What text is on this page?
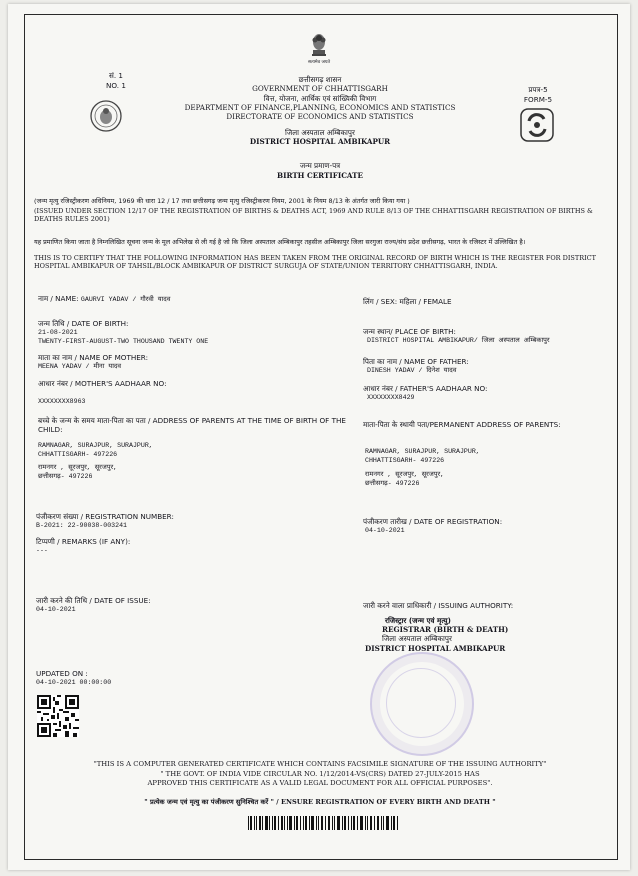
सत्यमेव जयते
सं. 1
NO. 1	प्रपत्र-5
FORM-5
छत्तीसगढ़ शासन
GOVERNMENT OF CHHATTISGARH
वित्त, योजना, आर्थिक एवं सांख्यिकी विभाग
DEPARTMENT OF FINANCE,PLANNING, ECONOMICS AND STATISTICS
DIRECTORATE OF ECONOMICS AND STATISTICS
जिला अस्पताल अम्बिकापुर
DISTRICT HOSPITAL AMBIKAPUR
जन्म प्रमाण-पत्र
BIRTH CERTIFICATE
(जन्म मृत्यु रजिस्ट्रीकरण अधिनियम, 1969 की धारा 12 / 17 तथा छत्तीसगढ़ जन्म मृत्यु रजिस्ट्रीकरण नियम, 2001 के नियम 8/13 के अंतर्गत जारी किया गया )
(ISSUED UNDER SECTION 12/17 OF THE REGISTRATION OF BIRTHS & DEATHS ACT, 1969 AND RULE 8/13 OF THE CHHATTISGARH REGISTRATION OF BIRTHS & DEATHS RULES 2001)
यह प्रमाणित किया जाता है निम्नलिखित सूचना जन्म के मूल अभिलेख से ली गई है जो कि जिला अस्पताल अम्बिकापुर तहसील अम्बिकापुर जिला सरगुजा राज्य/संघ प्रदेश छत्तीसगढ़, भारत के रजिस्टर में उल्लिखित है।
THIS IS TO CERTIFY THAT THE FOLLOWING INFORMATION HAS BEEN TAKEN FROM THE ORIGINAL RECORD OF BIRTH WHICH IS THE REGISTER FOR DISTRICT HOSPITAL AMBIKAPUR OF TAHSIL/BLOCK AMBIKAPUR OF DISTRICT SURGUJA OF STATE/UNION TERRITORY CHHATTISGARH, INDIA.
नाम / NAME: GAURVI YADAV / गौरवी यादव	लिंग / SEX: महिला / FEMALE
जन्म तिथि / DATE OF BIRTH:
21-08-2021
TWENTY-FIRST-AUGUST-TWO THOUSAND TWENTY ONE
जन्म स्थान/ PLACE OF BIRTH:
DISTRICT HOSPITAL AMBIKAPUR/ जिला अस्पताल अम्बिकापुर
माता का नाम / NAME OF MOTHER:
MEENA YADAV / मीना यादव
पिता का नाम / NAME OF FATHER:
DINESH YADAV / दिनेश यादव
आधार नंबर / MOTHER'S AADHAAR NO:
XXXXXXXX8963
आधार नंबर / FATHER'S AADHAAR NO:
XXXXXXXX8429
बच्चे के जन्म के समय माता-पिता का पता / ADDRESS OF PARENTS AT THE TIME OF BIRTH OF THE CHILD:
RAMNAGAR, SURAJPUR, SURAJPUR,
CHHATTISGARH- 497226
रामनगर , सूरजपुर, सूरजपुर,
छत्तीसगढ़- 497226
माता-पिता के स्थायी पता/PERMANENT ADDRESS OF PARENTS:
RAMNAGAR, SURAJPUR, SURAJPUR,
CHHATTISGARH- 497226
रामनगर , सूरजपुर, सूरजपुर,
छत्तीसगढ़- 497226
पंजीकरण संख्या / REGISTRATION NUMBER:
B-2021: 22-90038-003241	पंजीकरण तारीख / DATE OF REGISTRATION:
04-10-2021
टिप्पणी / REMARKS (IF ANY):
---
जारी करने की तिथि / DATE OF ISSUE:
04-10-2021	जारी करने वाला प्राधिकारी / ISSUING AUTHORITY:
रजिस्ट्रार (जन्म एवं मृत्यु)
REGISTRAR (BIRTH & DEATH)
जिला अस्पताल अम्बिकापुर
DISTRICT HOSPITAL AMBIKAPUR
UPDATED ON :
04-10-2021 00:00:00
"THIS IS A COMPUTER GENERATED CERTIFICATE WHICH CONTAINS FACSIMILE SIGNATURE OF THE ISSUING AUTHORITY"
" THE GOVT. OF INDIA VIDE CIRCULAR NO. 1/12/2014-VS(CRS) DATED 27-JULY-2015 HAS
APPROVED THIS CERTIFICATE AS A VALID LEGAL DOCUMENT FOR ALL OFFICIAL PURPOSES".
" प्रत्येक जन्म एवं मृत्यु का पंजीकरण सुनिश्चित करें " / ENSURE REGISTRATION OF EVERY BIRTH AND DEATH "
